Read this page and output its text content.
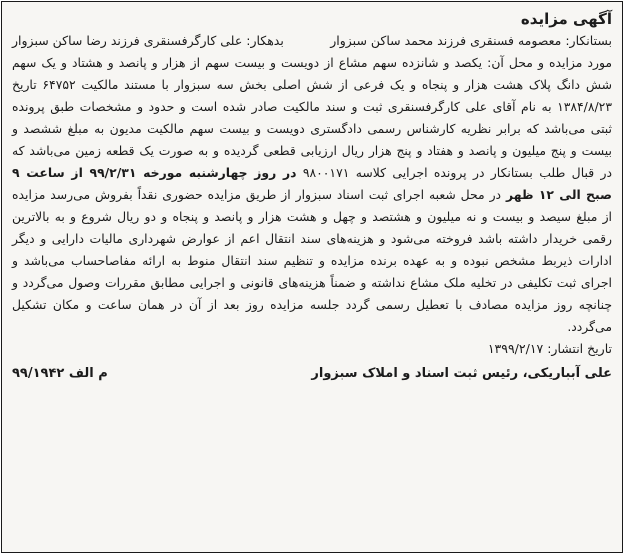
آگهی مزایده

بستانکار: معصومه فسنقری فرزند محمد ساکن سبزوار
بدهکار: علی کارگرفسنقری فرزند رضا ساکن سبزوار

مورد مزایده و محل آن: یکصد و شانزده سهم مشاع از دویست و بیست سهم از هزار و پانصد و هشتاد و یک سهم شش دانگ پلاک هشت هزار و پنجاه و یک فرعی از شش اصلی بخش سه سبزوار با مستند مالکیت ۶۴۷۵۲ تاریخ ۱۳۸۴/۸/۲۳ به نام آقای علی کارگرفسنقری ثبت و سند مالکیت صادر شده است و حدود و مشخصات طبق پرونده ثبتی می‌باشد که برابر نظریه کارشناس رسمی دادگستری دویست و بیست سهم مالکیت مدیون به مبلغ ششصد و بیست و پنج میلیون و پانصد و هفتاد و پنج هزار ریال ارزیابی قطعی گردیده و به صورت یک قطعه زمین می‌باشد که در قبال طلب بستانکار در پرونده اجرایی کلاسه ۹۸۰۰۱۷۱ در روز چهارشنبه مورخه ۹۹/۲/۳۱ از ساعت ۹ صبح الی ۱۲ ظهر در محل شعبه اجرای ثبت اسناد سبزوار از طریق مزایده حضوری نقداً بفروش می‌رسد مزایده از مبلغ سیصد و بیست و نه میلیون و هشتصد و چهل و هشت هزار و پانصد و پنجاه و دو ریال شروع و به بالاترین رقمی خریدار داشته باشد فروخته می‌شود و هزینه‌های سند انتقال اعم از عوارض شهرداری مالیات دارایی و دیگر ادارات ذیربط مشخص نبوده و به عهده برنده مزایده و تنظیم سند انتقال منوط به ارائه مفاصاحساب می‌باشد و اجرای ثبت تکلیفی در تخلیه ملک مشاع نداشته و ضمناً هزینه‌های قانونی و اجرایی مطابق مقررات وصول می‌گردد و چنانچه روز مزایده مصادف با تعطیل رسمی گردد جلسه مزایده روز بعد از آن در همان ساعت و مکان تشکیل می‌گردد.

تاریخ انتشار: ۱۳۹۹/۲/۱۷

علی آبباریکی، رئیس ثبت اسناد و املاک سبزوار
م الف ۹۹/۱۹۴۲
